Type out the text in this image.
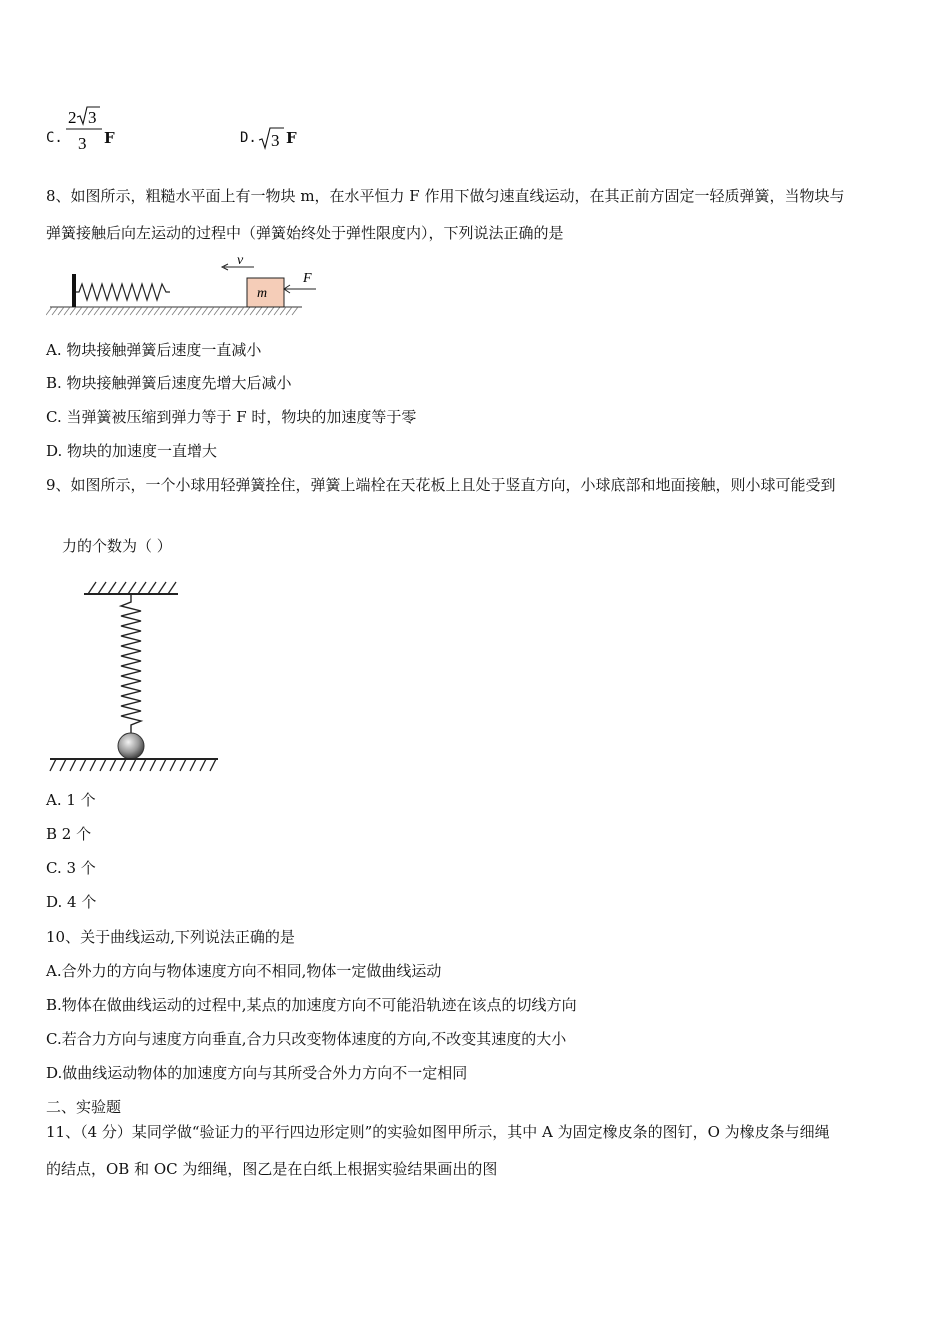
C.
2 3
3 F	D. 3 F
8、如图所示，粗糙水平面上有一物块 m，在水平恒力 F 作用下做匀速直线运动，在其正前方固定一轻质弹簧，当物块与
弹簧接触后向左运动的过程中（弹簧始终处于弹性限度内），下列说法正确的是
m
v
F
A. 物块接触弹簧后速度一直减小
B. 物块接触弹簧后速度先增大后减小
C. 当弹簧被压缩到弹力等于 F 时，物块的加速度等于零
D. 物块的加速度一直增大
9、如图所示，一个小球用轻弹簧拴住，弹簧上端栓在天花板上且处于竖直方向，小球底部和地面接触，则小球可能受到
力的个数为（ ）
A. 1 个
B 2 个
C. 3 个
D. 4 个
10、关于曲线运动,下列说法正确的是
A.合外力的方向与物体速度方向不相同,物体一定做曲线运动
B.物体在做曲线运动的过程中,某点的加速度方向不可能沿轨迹在该点的切线方向
C.若合力方向与速度方向垂直,合力只改变物体速度的方向,不改变其速度的大小
D.做曲线运动物体的加速度方向与其所受合外力方向不一定相同
二、实验题
11、（4 分）某同学做“验证力的平行四边形定则”的实验如图甲所示，其中 A 为固定橡皮条的图钉，O 为橡皮条与细绳
的结点，OB 和 OC 为细绳，图乙是在白纸上根据实验结果画出的图
